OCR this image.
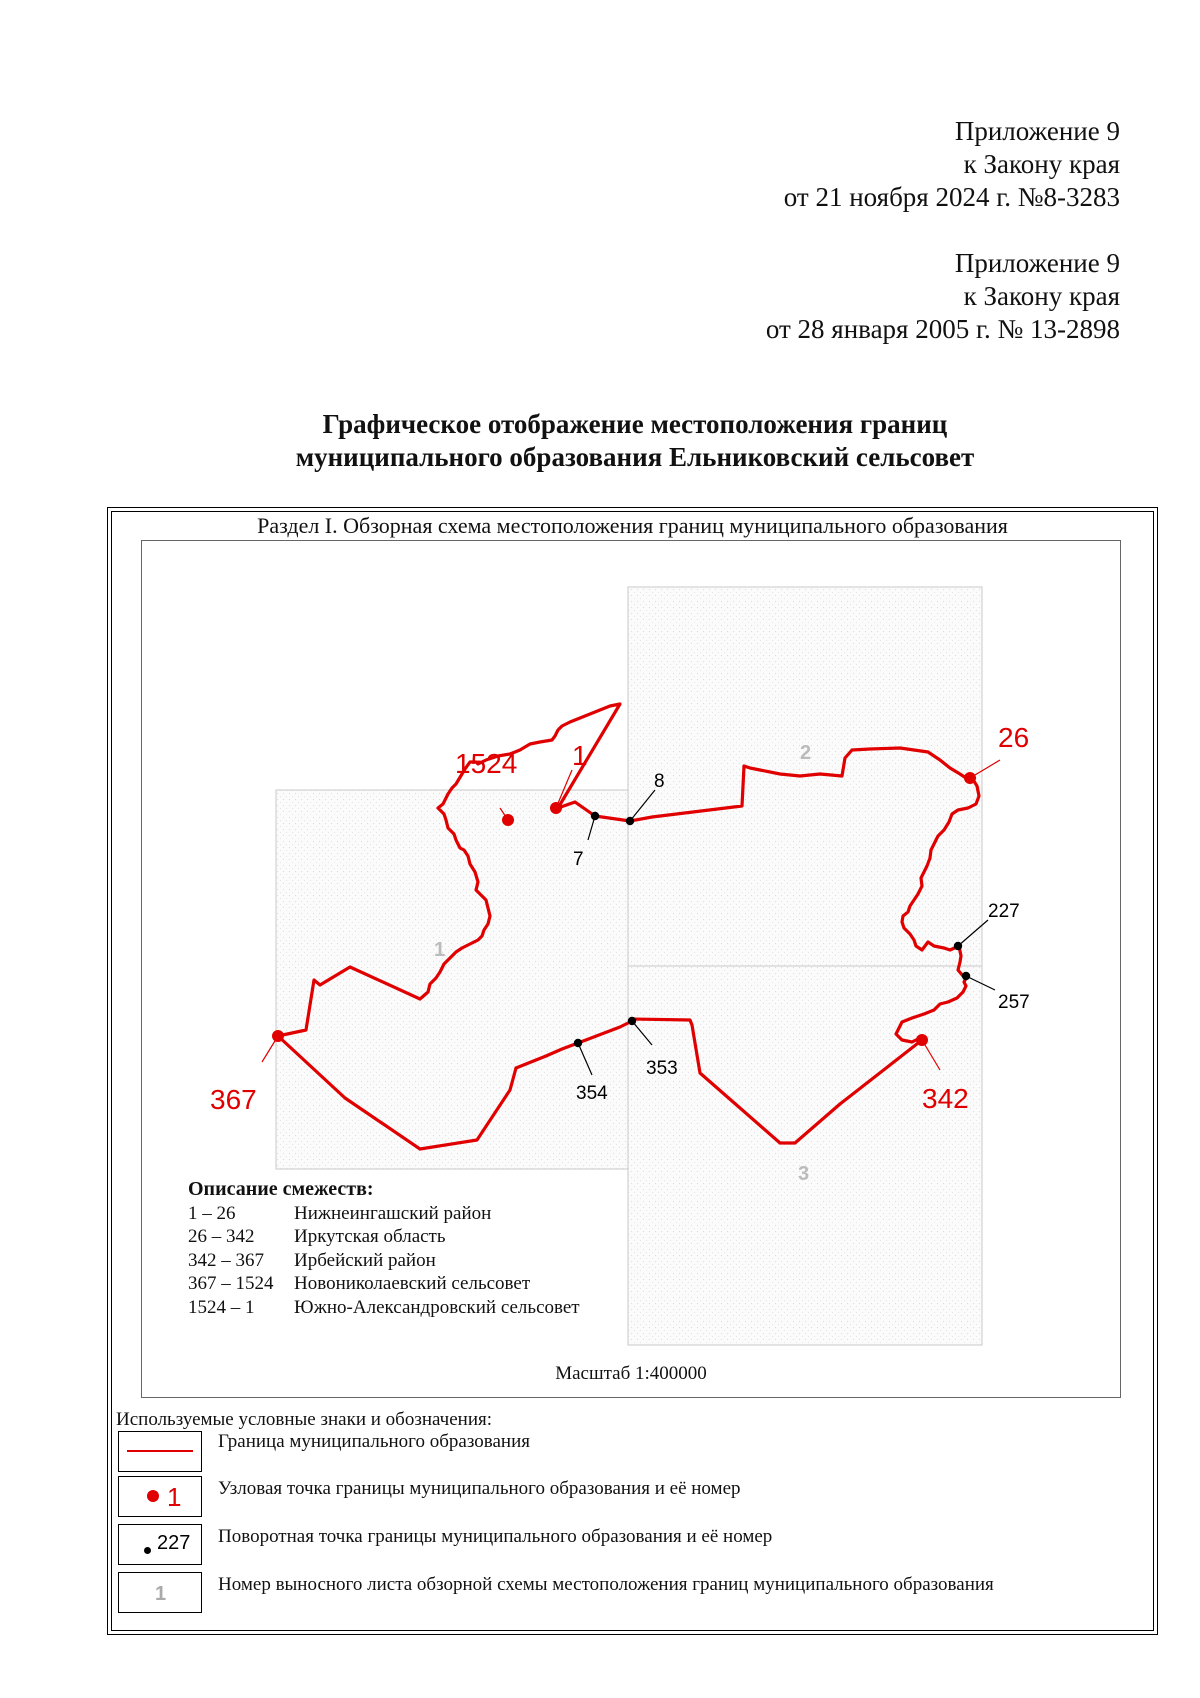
Приложение 9
к Закону края
от 21 ноября 2024 г. №8-3283
Приложение 9
к Закону края
от 28 января 2005 г. № 13-2898
Графическое отображение местоположения границ
муниципального образования Ельниковский сельсовет
Раздел I. Обзорная схема местоположения границ муниципального образования
1
2
3
7
8
227
257
353
354
1
26
342
367
1524
Описание смежеств:
1 – 26	Нижнеингашский район
26 – 342 Иркутская область
342 – 367 Ирбейский район
367 – 1524 Новониколаевский сельсовет
1524 – 1 Южно-Александровский сельсовет
Масштаб 1:400000
Используемые условные знаки и обозначения:
Граница муниципального образования
1 Узловая точка границы муниципального образования и её номер
227 Поворотная точка границы муниципального образования и её номер
1	Номер выносного листа обзорной схемы местоположения границ муниципального образования
